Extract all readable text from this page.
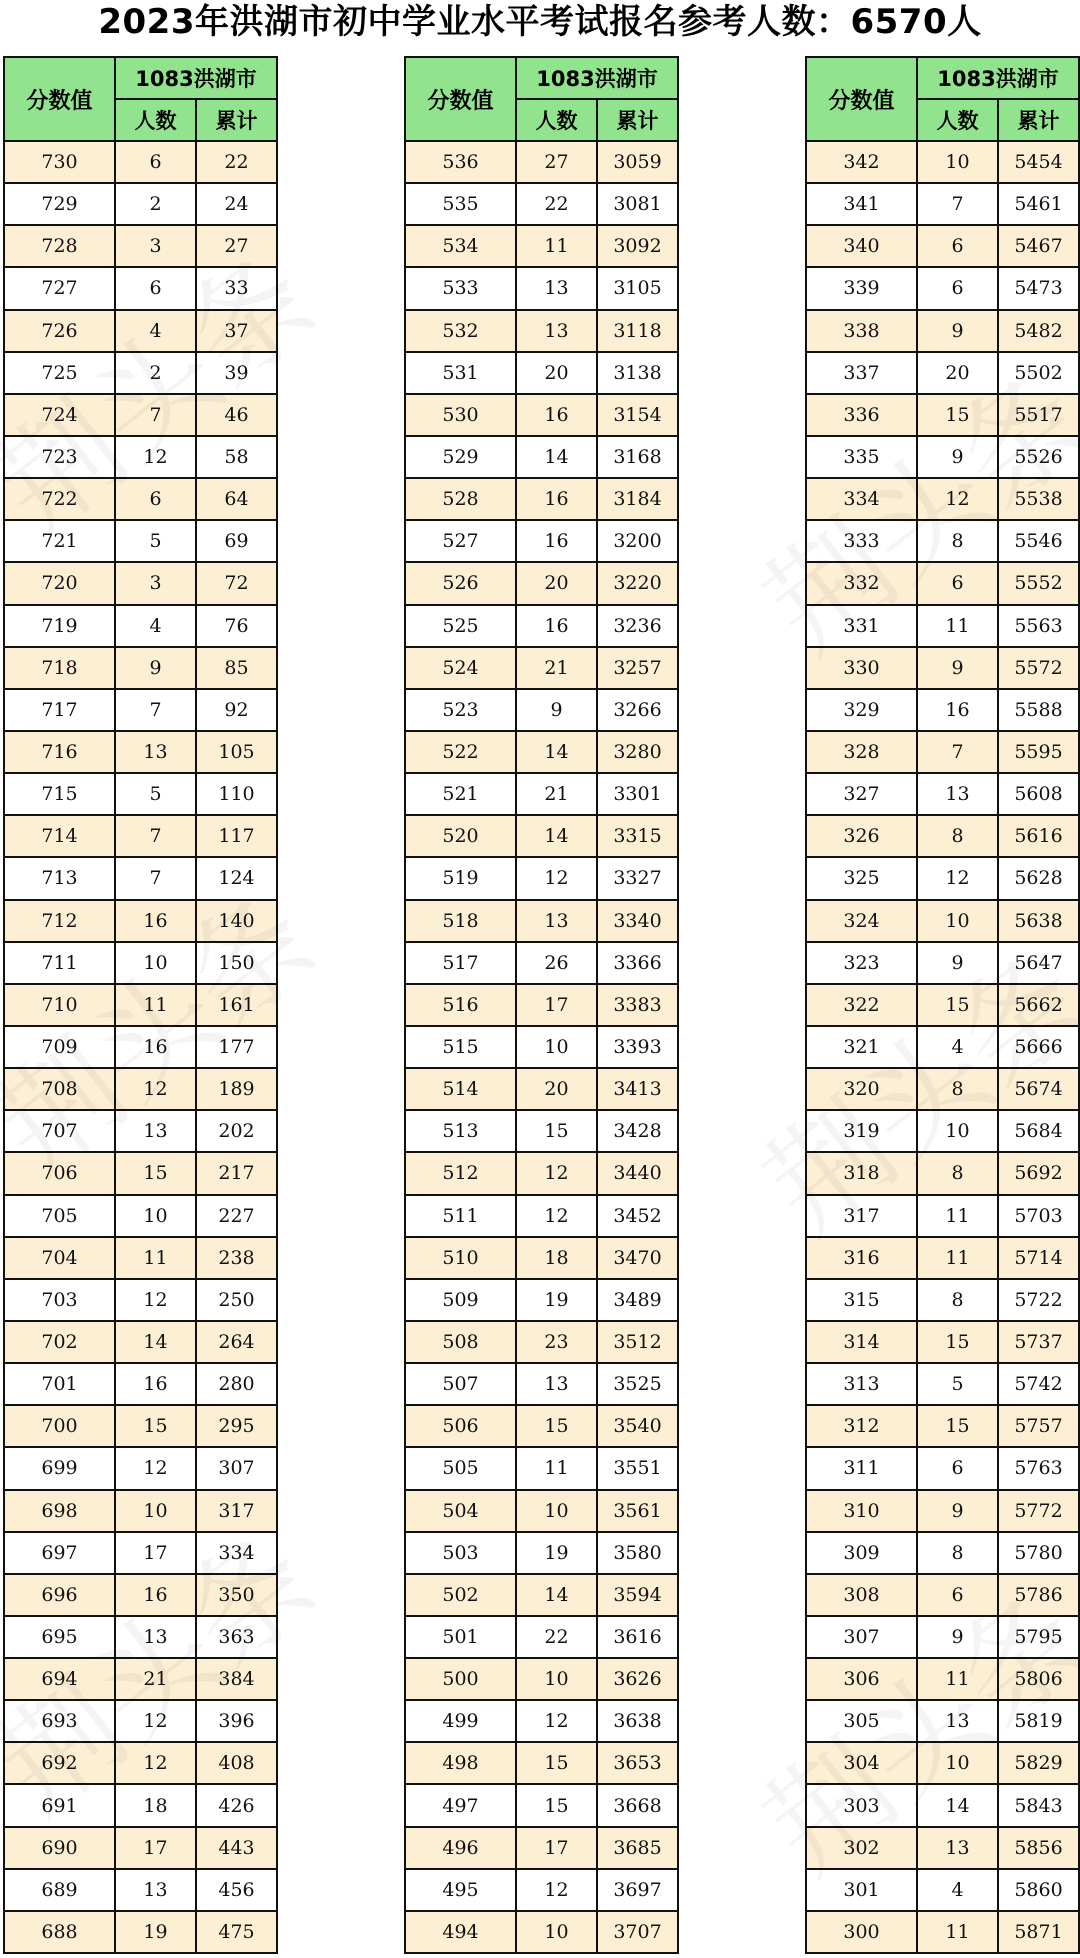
2023年洪湖市初中学业水平考试报名参考人数：6570人
分数值	1083洪湖市	
	人数	累计
730	6	22
729	2	24
728	3	27
727	6	33
726	4	37
725	2	39
724	7	46
723	12	58
722	6	64
721	5	69
720	3	72
719	4	76
718	9	85
717	7	92
716	13	105
715	5	110
714	7	117
713	7	124
712	16	140
711	10	150
710	11	161
709	16	177
708	12	189
707	13	202
706	15	217
705	10	227
704	11	238
703	12	250
702	14	264
701	16	280
700	15	295
699	12	307
698	10	317
697	17	334
696	16	350
695	13	363
694	21	384
693	12	396
692	12	408
691	18	426
690	17	443
689	13	456
688	19	475
分数值	1083洪湖市	
	人数	累计
536	27	3059
535	22	3081
534	11	3092
533	13	3105
532	13	3118
531	20	3138
530	16	3154
529	14	3168
528	16	3184
527	16	3200
526	20	3220
525	16	3236
524	21	3257
523	9	3266
522	14	3280
521	21	3301
520	14	3315
519	12	3327
518	13	3340
517	26	3366
516	17	3383
515	10	3393
514	20	3413
513	15	3428
512	12	3440
511	12	3452
510	18	3470
509	19	3489
508	23	3512
507	13	3525
506	15	3540
505	11	3551
504	10	3561
503	19	3580
502	14	3594
501	22	3616
500	10	3626
499	12	3638
498	15	3653
497	15	3668
496	17	3685
495	12	3697
494	10	3707
分数值	1083洪湖市	
	人数	累计
342	10	5454
341	7	5461
340	6	5467
339	6	5473
338	9	5482
337	20	5502
336	15	5517
335	9	5526
334	12	5538
333	8	5546
332	6	5552
331	11	5563
330	9	5572
329	16	5588
328	7	5595
327	13	5608
326	8	5616
325	12	5628
324	10	5638
323	9	5647
322	15	5662
321	4	5666
320	8	5674
319	10	5684
318	8	5692
317	11	5703
316	11	5714
315	8	5722
314	15	5737
313	5	5742
312	15	5757
311	6	5763
310	9	5772
309	8	5780
308	6	5786
307	9	5795
306	11	5806
305	13	5819
304	10	5829
303	14	5843
302	13	5856
301	4	5860
300	11	5871
